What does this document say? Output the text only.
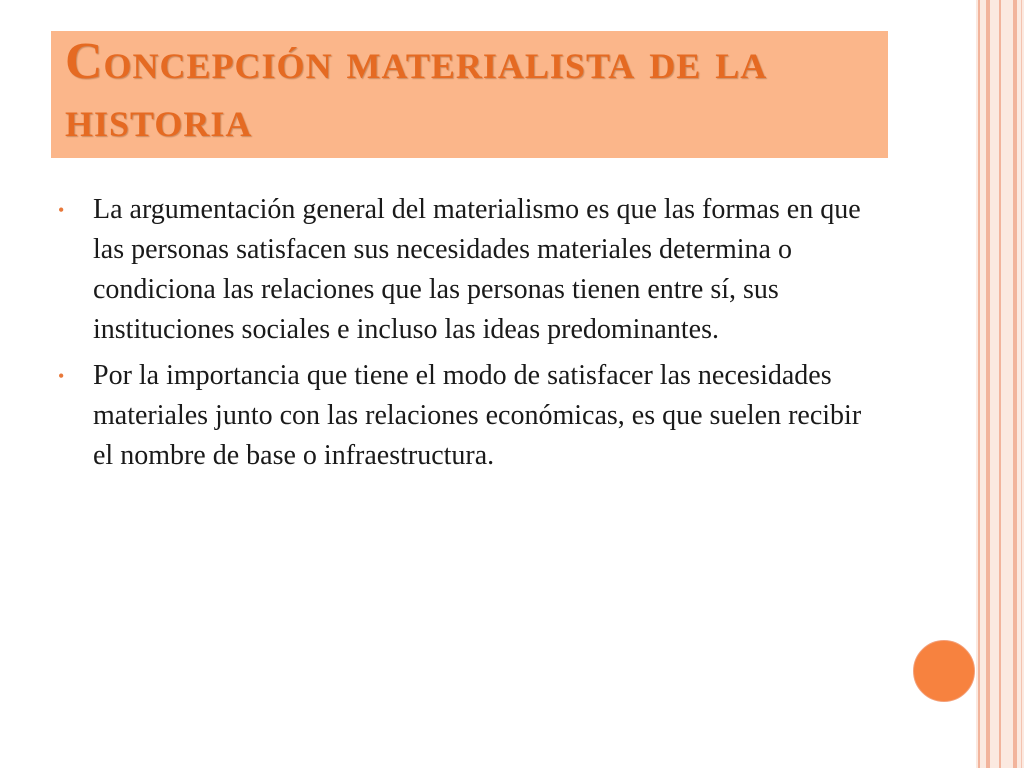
Concepción materialista de la historia
• La argumentación general del materialismo es que las formas en que las personas satisfacen sus necesidades materiales determina o condiciona las relaciones que las personas tienen entre sí, sus instituciones sociales e incluso las ideas predominantes.
• Por la importancia que tiene el modo de satisfacer las necesidades materiales junto con las relaciones económicas, es que suelen recibir el nombre de base o infraestructura.
